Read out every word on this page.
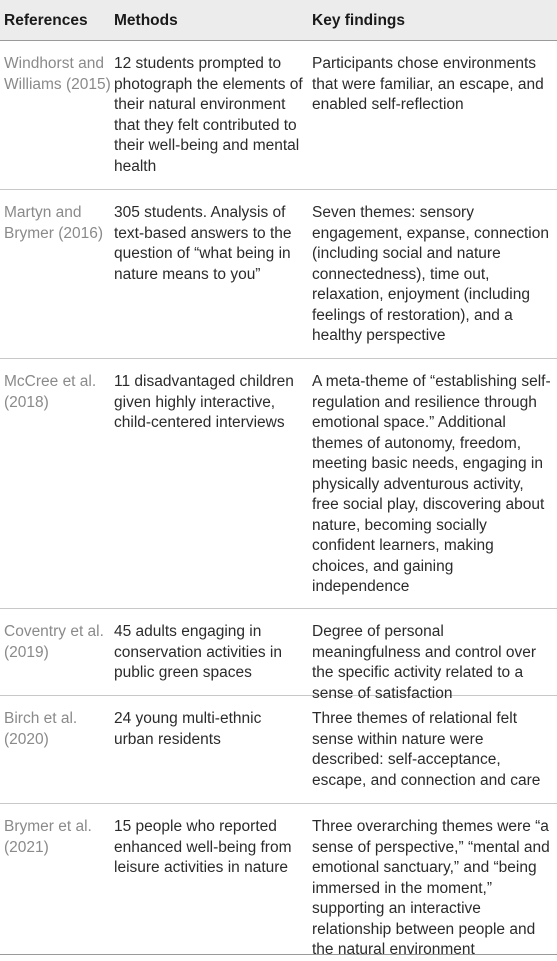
References	Methods	Key findings
Windhorst and Williams (2015)
12 students prompted to photograph the elements of their natural environment that they felt contributed to their well-being and mental health
Participants chose environments that were familiar, an escape, and enabled self-reflection
Martyn and Brymer (2016)
305 students. Analysis of text-based answers to the question of “what being in nature means to you”
Seven themes: sensory engagement, expanse, connection (including social and nature connectedness), time out, relaxation, enjoyment (including feelings of restoration), and a healthy perspective
McCree et al. (2018)
11 disadvantaged children given highly interactive, child-centered interviews
A meta-theme of “establishing self-regulation and resilience through emotional space.” Additional themes of autonomy, freedom, meeting basic needs, engaging in physically adventurous activity, free social play, discovering about nature, becoming socially confident learners, making choices, and gaining independence
Coventry et al. (2019)
45 adults engaging in conservation activities in public green spaces
Degree of personal meaningfulness and control over the specific activity related to a sense of satisfaction
Birch et al. (2020)
24 young multi-ethnic urban residents
Three themes of relational felt sense within nature were described: self-acceptance, escape, and connection and care
Brymer et al. (2021)
15 people who reported enhanced well-being from leisure activities in nature
Three overarching themes were “a sense of perspective,” “mental and emotional sanctuary,” and “being immersed in the moment,” supporting an interactive relationship between people and the natural environment
